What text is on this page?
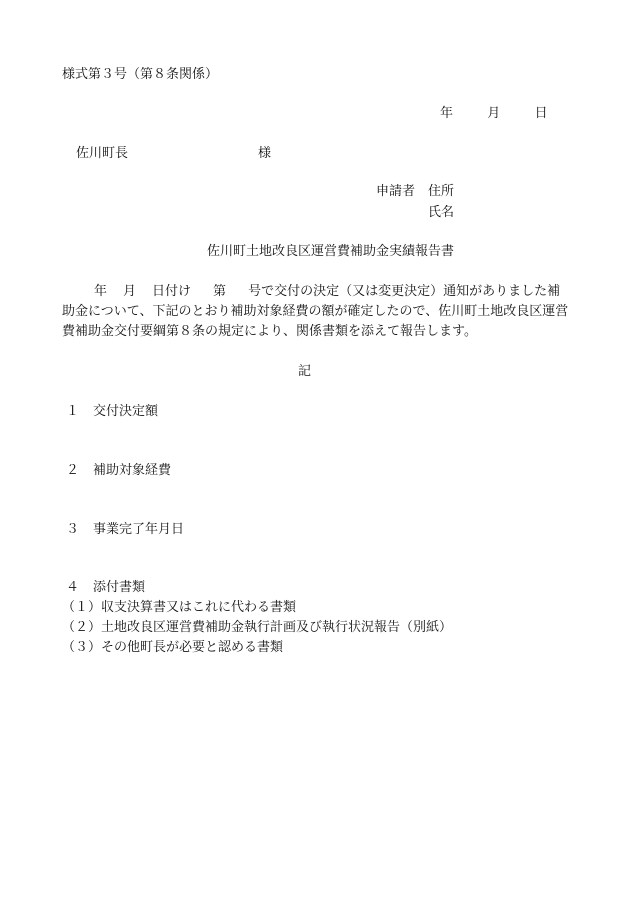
様式第３号（第８条関係）
年	月	日
佐川町長	様
申請者 住所
氏名
佐川町土地改良区運営費補助金実績報告書
年 月 日付け 第 号で交付の決定（又は変更決定）通知がありました補
助金について、下記のとおり補助対象経費の額が確定したので、佐川町土地改良区運営
費補助金交付要綱第８条の規定により、関係書類を添えて報告します。
記
１ 交付決定額
２ 補助対象経費
３ 事業完了年月日
４ 添付書類
（１）収支決算書又はこれに代わる書類
（２）土地改良区運営費補助金執行計画及び執行状況報告（別紙）
（３）その他町長が必要と認める書類
